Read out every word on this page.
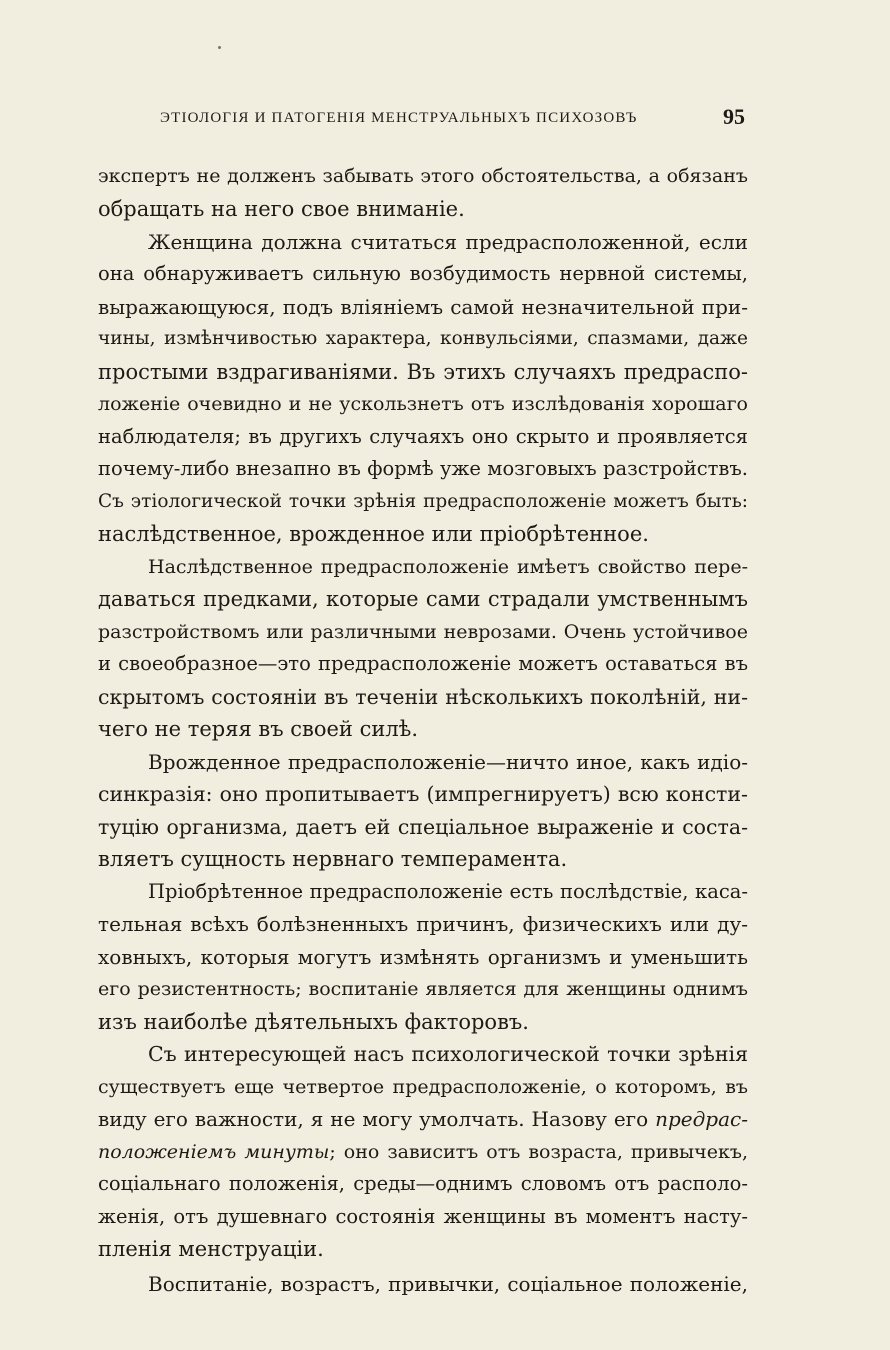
ЭТІОЛОГІЯ И ПАТОГЕНІЯ МЕНСТРУАЛЬНЫХЪ ПСИХОЗОВЪ	95
экспертъ не долженъ забывать этого обстоятельства, а обязанъ
обращать на него свое вниманіе.
Женщина должна считаться предрасположенной, если
она обнаруживаетъ сильную возбудимость нервной системы,
выражающуюся, подъ вліяніемъ самой незначительной при-
чины, измѣнчивостью характера, конвульсіями, спазмами, даже
простыми вздрагиваніями. Въ этихъ случаяхъ предраспо-
ложеніе очевидно и не ускользнетъ отъ изслѣдованія хорошаго
наблюдателя; въ другихъ случаяхъ оно скрыто и проявляется
почему-либо внезапно въ формѣ уже мозговыхъ разстройствъ.
Съ этіологической точки зрѣнія предрасположеніе можетъ быть:
наслѣдственное, врожденное или пріобрѣтенное.
Наслѣдственное предрасположеніе имѣетъ свойство пере-
даваться предками, которые сами страдали умственнымъ
разстройствомъ или различными неврозами. Очень устойчивое
и своеобразное—это предрасположеніе можетъ оставаться въ
скрытомъ состояніи въ теченіи нѣсколькихъ поколѣній, ни-
чего не теряя въ своей силѣ.
Врожденное предрасположеніе—ничто иное, какъ идіо-
синкразія: оно пропитываетъ (импрегнируетъ) всю консти-
туцію организма, даетъ ей спеціальное выраженіе и соста-
вляетъ сущность нервнаго темперамента.
Пріобрѣтенное предрасположеніе есть послѣдствіе, каса-
тельная всѣхъ болѣзненныхъ причинъ, физическихъ или ду-
ховныхъ, которыя могутъ измѣнять организмъ и уменьшить
его резистентность; воспитаніе является для женщины однимъ
изъ наиболѣе дѣятельныхъ факторовъ.
Съ интересующей насъ психологической точки зрѣнія
существуетъ еще четвертое предрасположеніе, о которомъ, въ
виду его важности, я не могу умолчать. Назову его предрас-
положеніемъ минуты; оно зависитъ отъ возраста, привычекъ,
соціальнаго положенія, среды—однимъ словомъ отъ располо-
женія, отъ душевнаго состоянія женщины въ моментъ насту-
пленія менструаціи.
Воспитаніе, возрастъ, привычки, соціальное положеніе,
